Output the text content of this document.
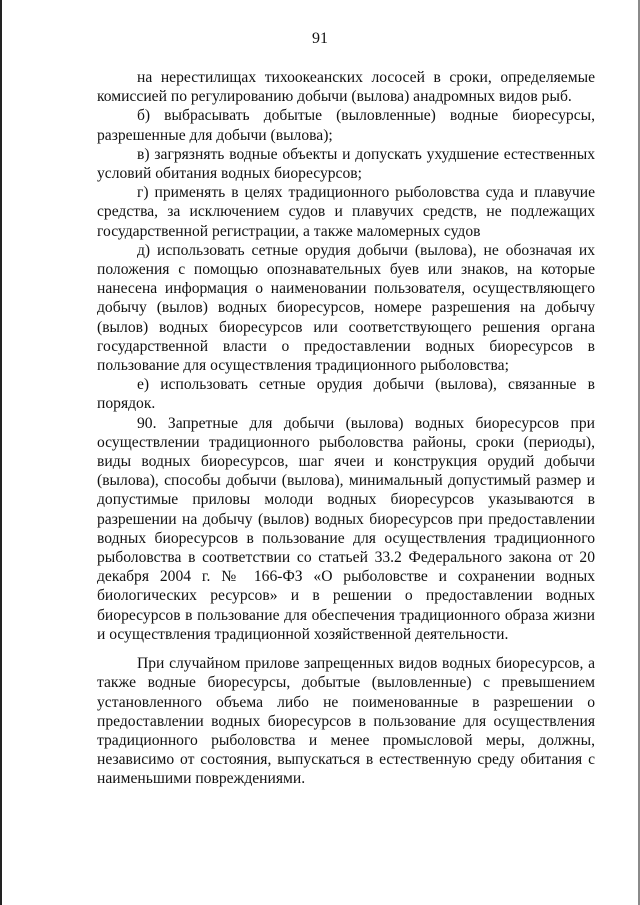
91

на нерестилищах тихоокеанских лососей в сроки, определяемые комиссией по регулированию добычи (вылова) анадромных видов рыб.

б) выбрасывать добытые (выловленные) водные биоресурсы, разрешенные для добычи (вылова);

в) загрязнять водные объекты и допускать ухудшение естественных условий обитания водных биоресурсов;

г) применять в целях традиционного рыболовства суда и плавучие средства, за исключением судов и плавучих средств, не подлежащих государственной регистрации, а также маломерных судов

д) использовать сетные орудия добычи (вылова), не обозначая их положения с помощью опознавательных буев или знаков, на которые нанесена информация о наименовании пользователя, осуществляющего добычу (вылов) водных биоресурсов, номере разрешения на добычу (вылов) водных биоресурсов или соответствующего решения органа государственной власти о предоставлении водных биоресурсов в пользование для осуществления традиционного рыболовства;

е) использовать сетные орудия добычи (вылова), связанные в порядок.

90. Запретные для добычи (вылова) водных биоресурсов при осуществлении традиционного рыболовства районы, сроки (периоды), виды водных биоресурсов, шаг ячеи и конструкция орудий добычи (вылова), способы добычи (вылова), минимальный допустимый размер и допустимые приловы молоди водных биоресурсов указываются в разрешении на добычу (вылов) водных биоресурсов при предоставлении водных биоресурсов в пользование для осуществления традиционного рыболовства в соответствии со статьей 33.2 Федерального закона от 20 декабря 2004 г. № 166-ФЗ «О рыболовстве и сохранении водных биологических ресурсов» и в решении о предоставлении водных биоресурсов в пользование для обеспечения традиционного образа жизни и осуществления традиционной хозяйственной деятельности.

При случайном прилове запрещенных видов водных биоресурсов, а также водные биоресурсы, добытые (выловленные) с превышением установленного объема либо не поименованные в разрешении о предоставлении водных биоресурсов в пользование для осуществления традиционного рыболовства и менее промысловой меры, должны, независимо от состояния, выпускаться в естественную среду обитания с наименьшими повреждениями.
